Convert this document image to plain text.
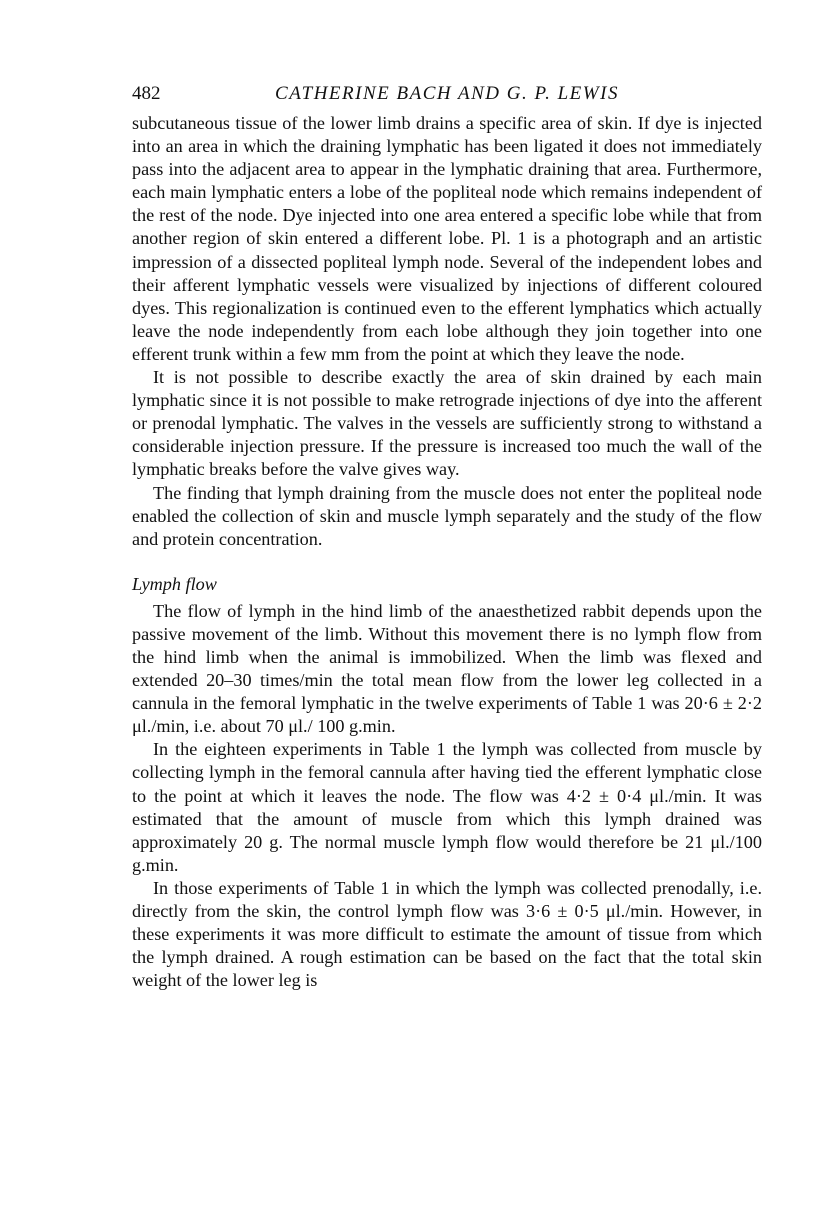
482	CATHERINE BACH AND G. P. LEWIS

subcutaneous tissue of the lower limb drains a specific area of skin. If dye is injected into an area in which the draining lymphatic has been ligated it does not immediately pass into the adjacent area to appear in the lymphatic draining that area. Furthermore, each main lymphatic enters a lobe of the popliteal node which remains independent of the rest of the node. Dye injected into one area entered a specific lobe while that from another region of skin entered a different lobe. Pl. 1 is a photograph and an artistic impression of a dissected popliteal lymph node. Several of the independent lobes and their afferent lymphatic vessels were visualized by injections of different coloured dyes. This regionalization is continued even to the efferent lymphatics which actually leave the node independently from each lobe although they join together into one efferent trunk within a few mm from the point at which they leave the node.

It is not possible to describe exactly the area of skin drained by each main lymphatic since it is not possible to make retrograde injections of dye into the afferent or prenodal lymphatic. The valves in the vessels are sufficiently strong to withstand a considerable injection pressure. If the pressure is increased too much the wall of the lymphatic breaks before the valve gives way.

The finding that lymph draining from the muscle does not enter the popliteal node enabled the collection of skin and muscle lymph separately and the study of the flow and protein concentration.

Lymph flow

The flow of lymph in the hind limb of the anaesthetized rabbit depends upon the passive movement of the limb. Without this movement there is no lymph flow from the hind limb when the animal is immobilized. When the limb was flexed and extended 20–30 times/min the total mean flow from the lower leg collected in a cannula in the femoral lymphatic in the twelve experiments of Table 1 was 20·6 ± 2·2 μl./min, i.e. about 70 μl./ 100 g.min.

In the eighteen experiments in Table 1 the lymph was collected from muscle by collecting lymph in the femoral cannula after having tied the efferent lymphatic close to the point at which it leaves the node. The flow was 4·2 ± 0·4 μl./min. It was estimated that the amount of muscle from which this lymph drained was approximately 20 g. The normal muscle lymph flow would therefore be 21 μl./100 g.min.

In those experiments of Table 1 in which the lymph was collected prenodally, i.e. directly from the skin, the control lymph flow was 3·6 ± 0·5 μl./min. However, in these experiments it was more difficult to estimate the amount of tissue from which the lymph drained. A rough estimation can be based on the fact that the total skin weight of the lower leg is
